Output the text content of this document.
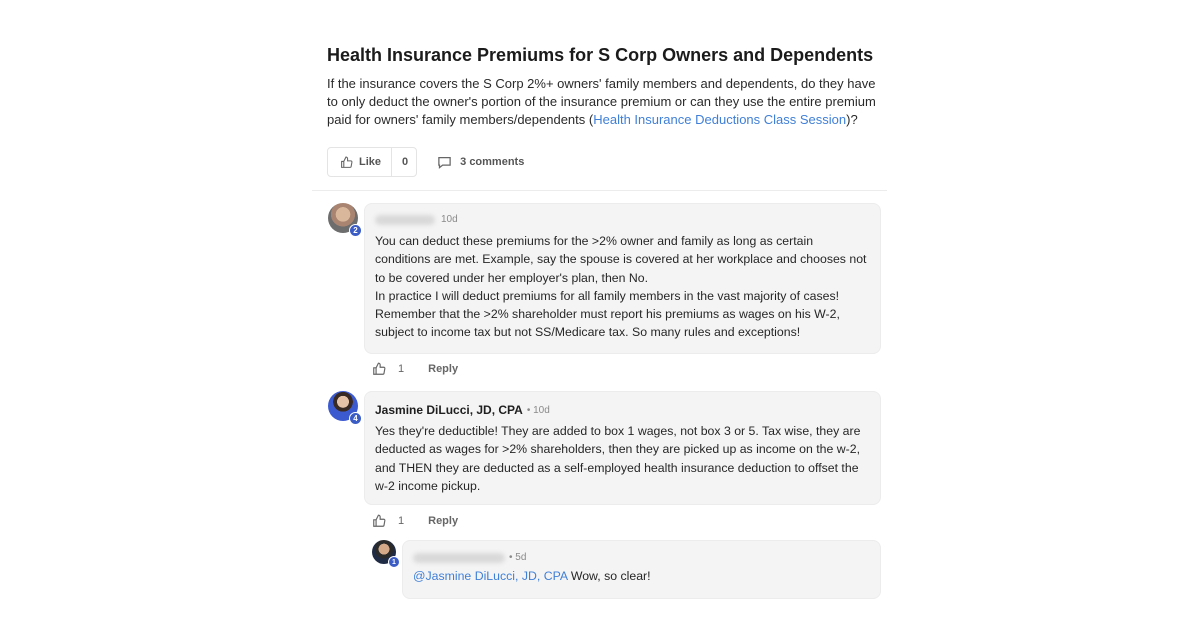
Health Insurance Premiums for S Corp Owners and Dependents

If the insurance covers the S Corp 2%+ owners' family members and dependents, do they have to only deduct the owner's portion of the insurance premium or can they use the entire premium paid for owners' family members/dependents (Health Insurance Deductions Class Session)?

Like	0	3 comments
2
10d
You can deduct these premiums for the >2% owner and family as long as certain conditions are met. Example, say the spouse is covered at her workplace and chooses not to be covered under her employer's plan, then No.
In practice I will deduct premiums for all family members in the vast majority of cases! Remember that the >2% shareholder must report his premiums as wages on his W-2, subject to income tax but not SS/Medicare tax. So many rules and exceptions!
1 Reply
4
Jasmine DiLucci, JD, CPA • 10d
Yes they're deductible! They are added to box 1 wages, not box 3 or 5. Tax wise, they are deducted as wages for >2% shareholders, then they are picked up as income on the w-2, and THEN they are deducted as a self-employed health insurance deduction to offset the w-2 income pickup.
1 Reply
1	• 5d
@Jasmine DiLucci, JD, CPA Wow, so clear!
